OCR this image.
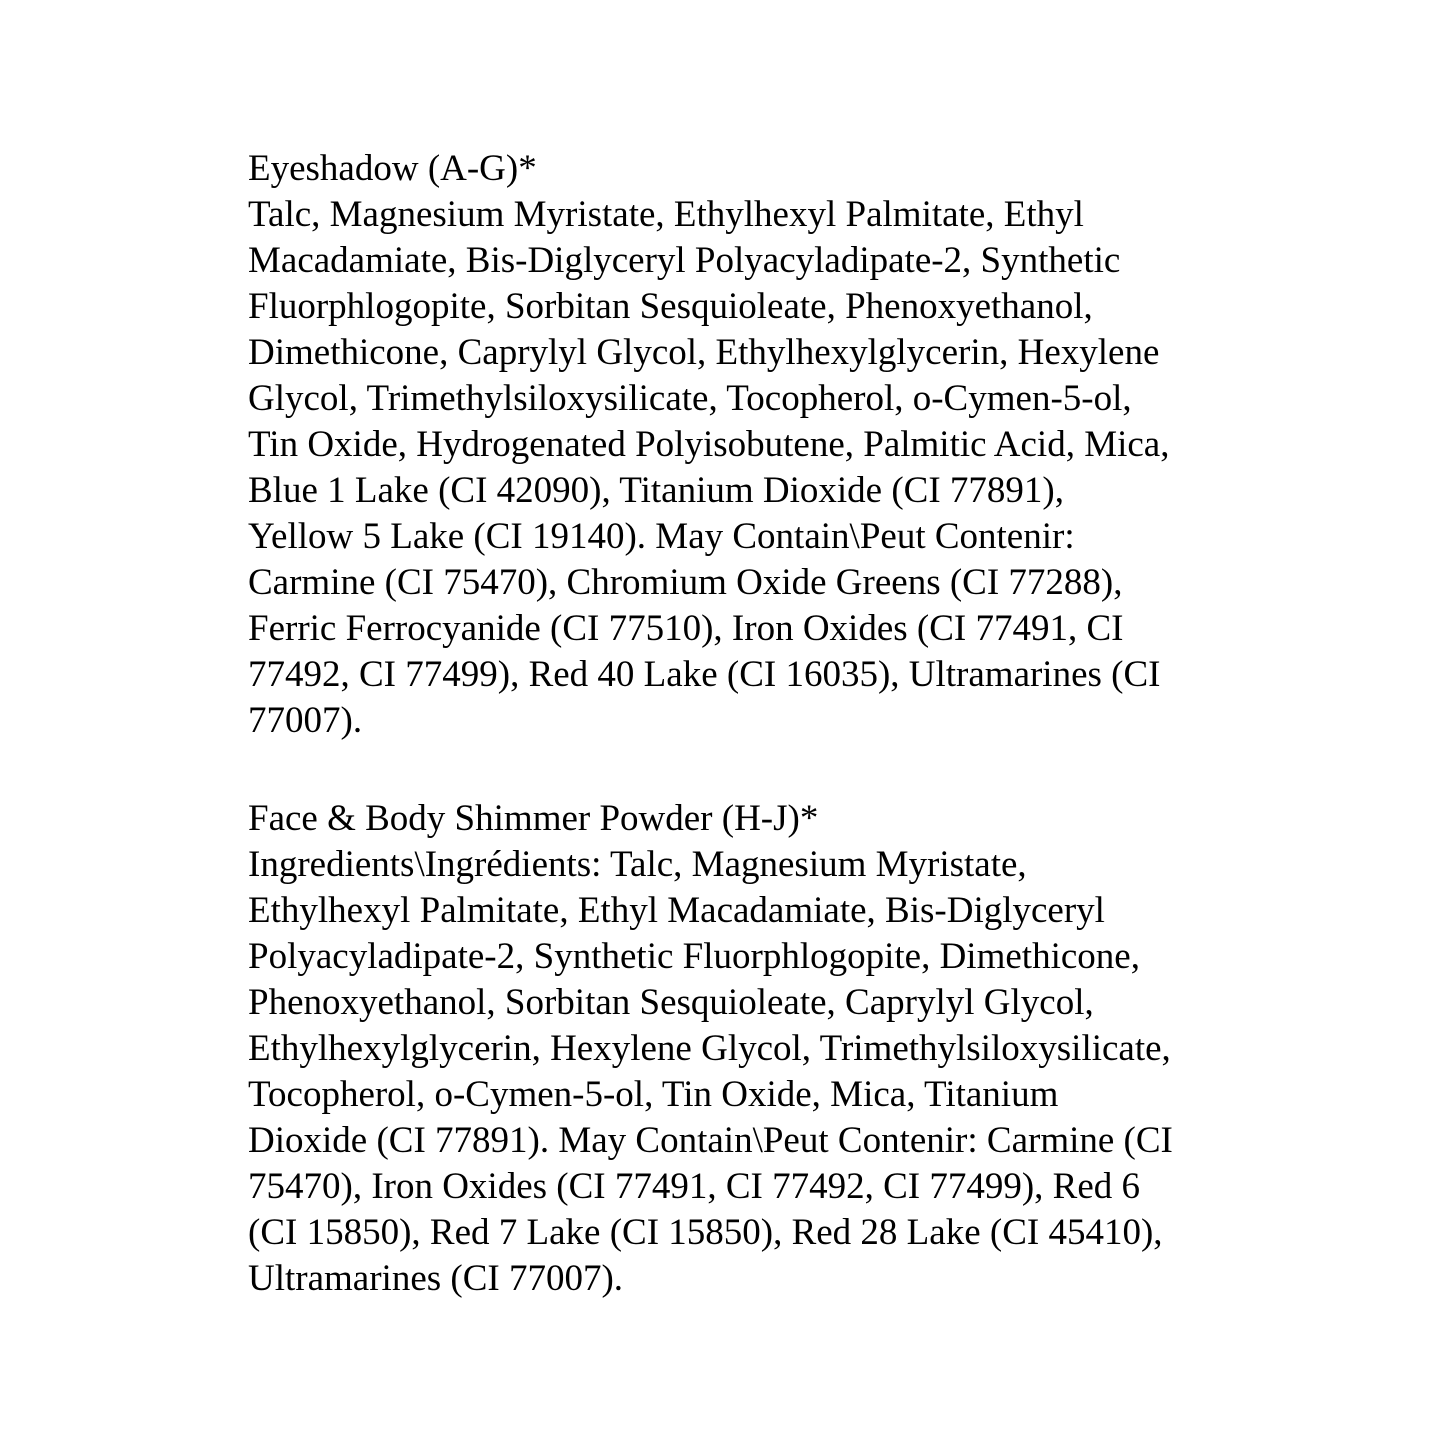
Eyeshadow (A-G)*
Talc, Magnesium Myristate, Ethylhexyl Palmitate, Ethyl
Macadamiate, Bis-Diglyceryl Polyacyladipate-2, Synthetic
Fluorphlogopite, Sorbitan Sesquioleate, Phenoxyethanol,
Dimethicone, Caprylyl Glycol, Ethylhexylglycerin, Hexylene
Glycol, Trimethylsiloxysilicate, Tocopherol, o-Cymen-5-ol,
Tin Oxide, Hydrogenated Polyisobutene, Palmitic Acid, Mica,
Blue 1 Lake (CI 42090), Titanium Dioxide (CI 77891),
Yellow 5 Lake (CI 19140). May Contain\Peut Contenir:
Carmine (CI 75470), Chromium Oxide Greens (CI 77288),
Ferric Ferrocyanide (CI 77510), Iron Oxides (CI 77491, CI
77492, CI 77499), Red 40 Lake (CI 16035), Ultramarines (CI
77007).
Face & Body Shimmer Powder (H-J)*
Ingredients\Ingrédients: Talc, Magnesium Myristate,
Ethylhexyl Palmitate, Ethyl Macadamiate, Bis-Diglyceryl
Polyacyladipate-2, Synthetic Fluorphlogopite, Dimethicone,
Phenoxyethanol, Sorbitan Sesquioleate, Caprylyl Glycol,
Ethylhexylglycerin, Hexylene Glycol, Trimethylsiloxysilicate,
Tocopherol, o-Cymen-5-ol, Tin Oxide, Mica, Titanium
Dioxide (CI 77891). May Contain\Peut Contenir: Carmine (CI
75470), Iron Oxides (CI 77491, CI 77492, CI 77499), Red 6
(CI 15850), Red 7 Lake (CI 15850), Red 28 Lake (CI 45410),
Ultramarines (CI 77007).
